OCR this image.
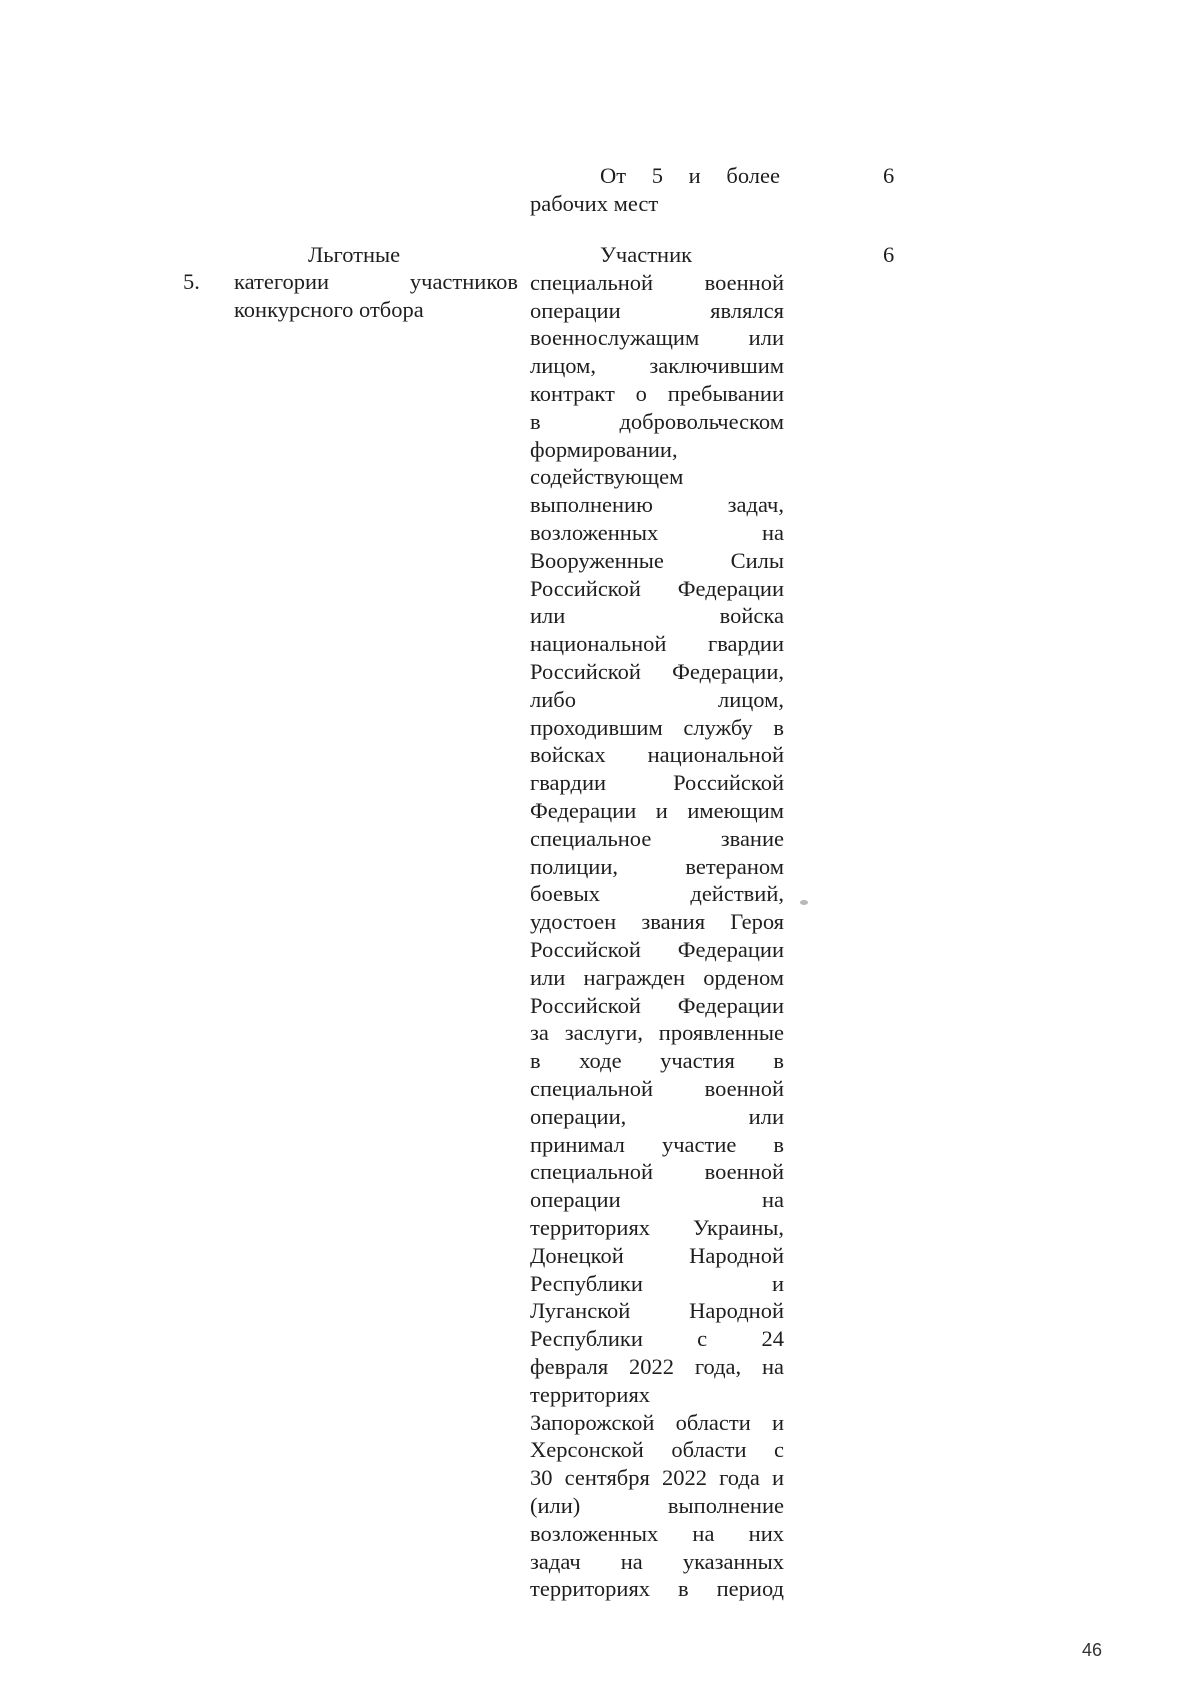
От 5 и более
рабочих мест
6
5.
Льготные
категории участников
конкурсного отбора
6
Участник
специальной военной
операции являлся
военнослужащим или
лицом, заключившим
контракт о пребывании
в добровольческом
формировании,
содействующем
выполнению задач,
возложенных на
Вооруженные Силы
Российской Федерации
или войска
национальной гвардии
Российской Федерации,
либо лицом,
проходившим службу в
войсках национальной
гвардии Российской
Федерации и имеющим
специальное звание
полиции, ветераном
боевых действий,
удостоен звания Героя
Российской Федерации
или награжден орденом
Российской Федерации
за заслуги, проявленные
в ходе участия в
специальной военной
операции, или
принимал участие в
специальной военной
операции на
территориях Украины,
Донецкой Народной
Республики и
Луганской Народной
Республики с 24
февраля 2022 года, на
территориях
Запорожской области и
Херсонской области с
30 сентября 2022 года и
(или) выполнение
возложенных на них
задач на указанных
территориях в период
46
